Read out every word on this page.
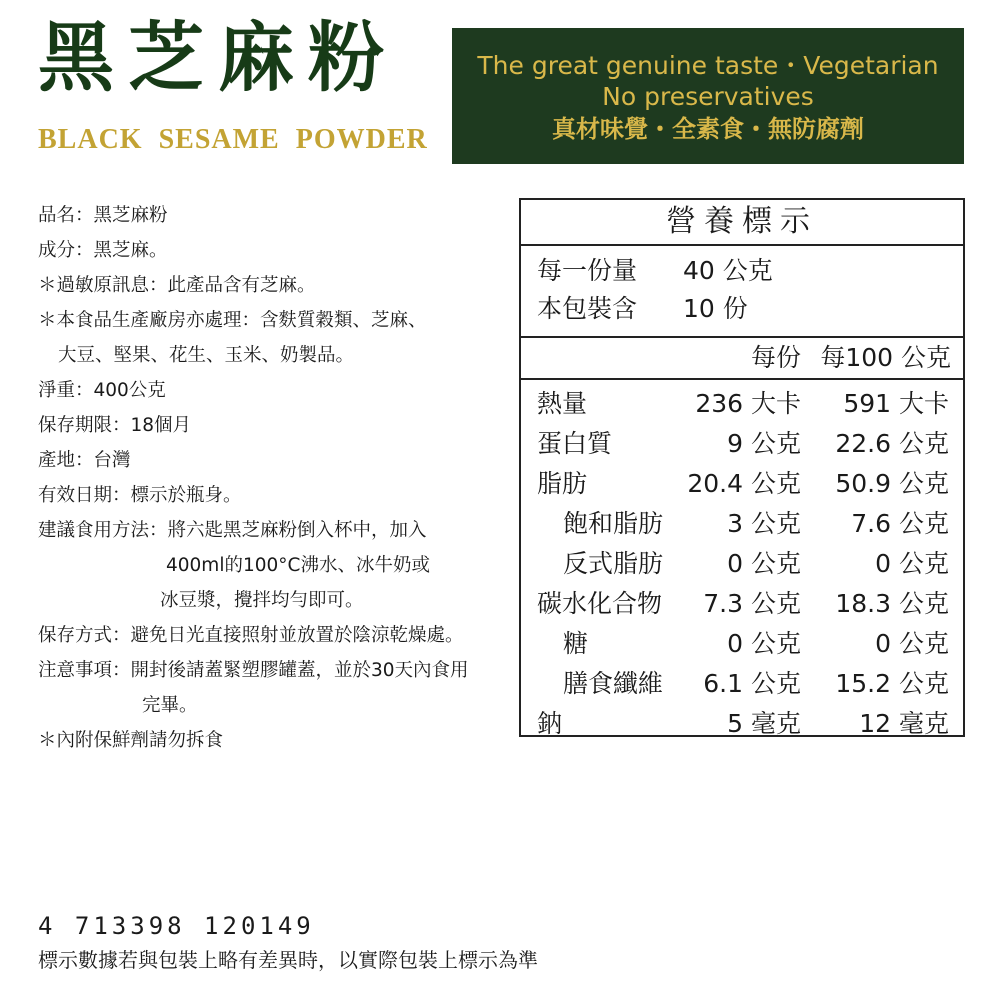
黑芝麻粉
BLACK  SESAME  POWDER
The great genuine taste・Vegetarian
No preservatives
真材味覺・全素食・無防腐劑
品名：黑芝麻粉
成分：黑芝麻。
＊過敏原訊息：此產品含有芝麻。
＊本食品生產廠房亦處理：含麩質穀類、芝麻、
大豆、堅果、花生、玉米、奶製品。
淨重：400公克
保存期限：18個月
產地：台灣
有效日期：標示於瓶身。
建議食用方法：將六匙黑芝麻粉倒入杯中，加入
400ml的100°C沸水、冰牛奶或
冰豆漿，攪拌均勻即可。
保存方式：避免日光直接照射並放置於陰涼乾燥處。
注意事項：開封後請蓋緊塑膠罐蓋，並於30天內食用
完畢。
＊內附保鮮劑請勿拆食
營養標示
每一份量 40 公克
本包裝含 10 份
每份 每100 公克
熱量	236 大卡 591 大卡
蛋白質	9 公克 22.6 公克
脂肪	20.4 公克 50.9 公克
飽和脂肪	3 公克 7.6 公克
反式脂肪	0 公克	0 公克
碳水化合物 7.3 公克 18.3 公克
糖	0 公克	0 公克
膳食纖維 6.1 公克 15.2 公克
鈉	5 毫克 12 毫克
4 713398 120149
標示數據若與包裝上略有差異時，以實際包裝上標示為準
